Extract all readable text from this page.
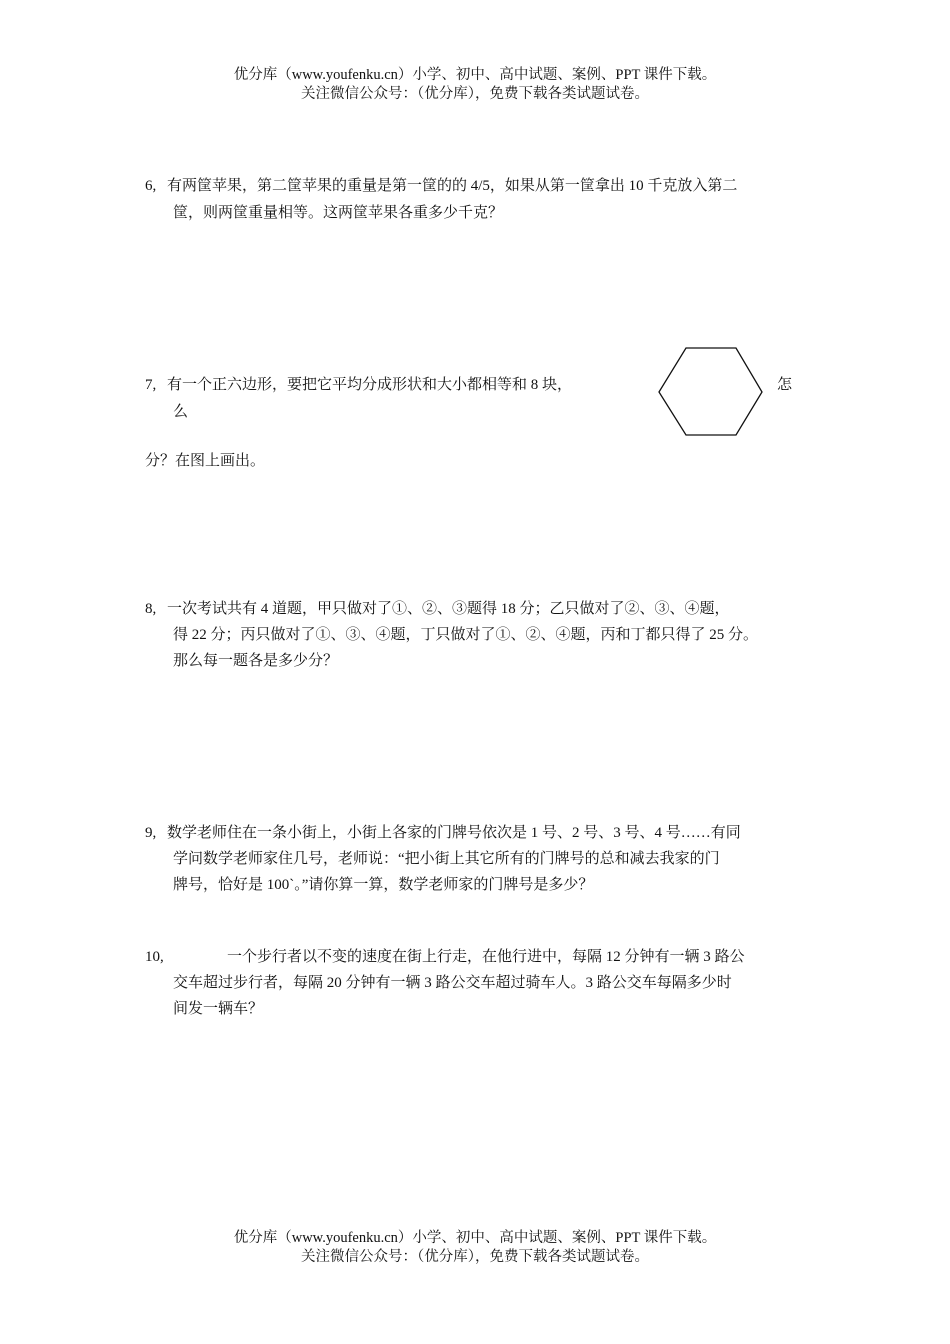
优分库（www.youfenku.cn）小学、初中、高中试题、案例、PPT 课件下载。
关注微信公众号：（优分库），免费下载各类试题试卷。
6, 有两筐苹果，第二筐苹果的重量是第一筐的的 4/5，如果从第一筐拿出 10 千克放入第二
筐，则两筐重量相等。这两筐苹果各重多少千克？
7, 有一个正六边形，要把它平均分成形状和大小都相等和 8 块，	怎
么
分？在图上画出。
8, 一次考试共有 4 道题，甲只做对了①、②、③题得 18 分；乙只做对了②、③、④题，
得 22 分；丙只做对了①、③、④题，丁只做对了①、②、④题，丙和丁都只得了 25 分。
那么每一题各是多少分？
9, 数学老师住在一条小街上，小街上各家的门牌号依次是 1 号、2 号、3 号、4 号……有同
学问数学老师家住几号，老师说：“把小街上其它所有的门牌号的总和减去我家的门
牌号，恰好是 100`。”请你算一算，数学老师家的门牌号是多少？
10,	一个步行者以不变的速度在街上行走，在他行进中，每隔 12 分钟有一辆 3 路公
交车超过步行者，每隔 20 分钟有一辆 3 路公交车超过骑车人。3 路公交车每隔多少时
间发一辆车？
优分库（www.youfenku.cn）小学、初中、高中试题、案例、PPT 课件下载。
关注微信公众号：（优分库），免费下载各类试题试卷。
